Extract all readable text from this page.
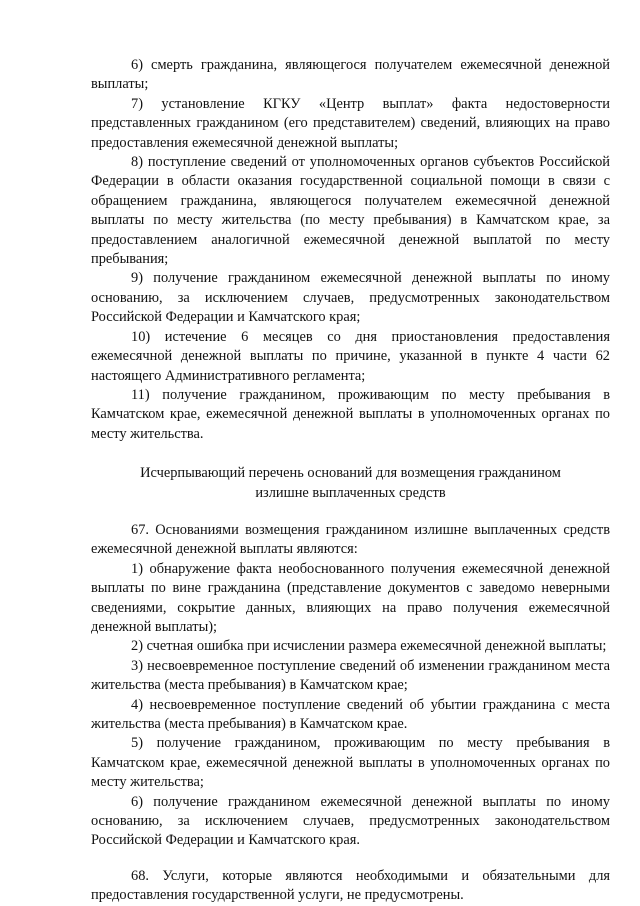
6) смерть гражданина, являющегося получателем ежемесячной денежной выплаты;

7) установление КГКУ «Центр выплат» факта недостоверности представленных гражданином (его представителем) сведений, влияющих на право предоставления ежемесячной денежной выплаты;

8) поступление сведений от уполномоченных органов субъектов Российской Федерации в области оказания государственной социальной помощи в связи с обращением гражданина, являющегося получателем ежемесячной денежной выплаты по месту жительства (по месту пребывания) в Камчатском крае, за предоставлением аналогичной ежемесячной денежной выплатой по месту пребывания;

9) получение гражданином ежемесячной денежной выплаты по иному основанию, за исключением случаев, предусмотренных законодательством Российской Федерации и Камчатского края;

10) истечение 6 месяцев со дня приостановления предоставления ежемесячной денежной выплаты по причине, указанной в пункте 4 части 62 настоящего Административного регламента;

11) получение гражданином, проживающим по месту пребывания в Камчатском крае, ежемесячной денежной выплаты в уполномоченных органах по месту жительства.

Исчерпывающий перечень оснований для возмещения гражданином
излишне выплаченных средств

67. Основаниями возмещения гражданином излишне выплаченных средств ежемесячной денежной выплаты являются:

1) обнаружение факта необоснованного получения ежемесячной денежной выплаты по вине гражданина (представление документов с заведомо неверными сведениями, сокрытие данных, влияющих на право получения ежемесячной денежной выплаты);

2) счетная ошибка при исчислении размера ежемесячной денежной выплаты;

3) несвоевременное поступление сведений об изменении гражданином места жительства (места пребывания) в Камчатском крае;

4) несвоевременное поступление сведений об убытии гражданина с места жительства (места пребывания) в Камчатском крае.

5) получение гражданином, проживающим по месту пребывания в Камчатском крае, ежемесячной денежной выплаты в уполномоченных органах по месту жительства;

6) получение гражданином ежемесячной денежной выплаты по иному основанию, за исключением случаев, предусмотренных законодательством Российской Федерации и Камчатского края.

68. Услуги, которые являются необходимыми и обязательными для предоставления государственной услуги, не предусмотрены.
